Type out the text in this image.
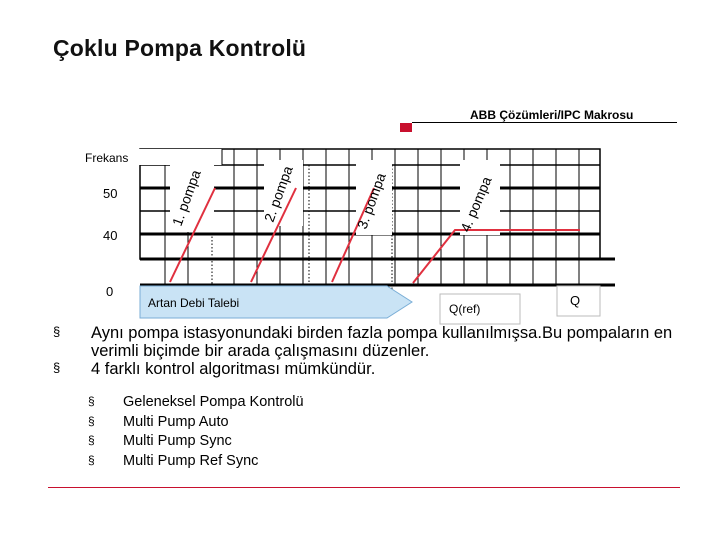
Çoklu Pompa Kontrolü
ABB Çözümleri/IPC Makrosu
Frekans
50
40
0
1. pompa	2. pompa	3. pompa	4. pompa
Artan Debi Talebi	Q(ref)
Q
§ Aynı pompa istasyonundaki birden fazla pompa kullanılmışsa.Bu pompaların en verimli biçimde bir arada çalışmasını düzenler.
§ 4 farklı kontrol algoritması mümkündür.
§ Geleneksel Pompa Kontrolü
§ Multi Pump Auto
§ Multi Pump Sync
§ Multi Pump Ref Sync
